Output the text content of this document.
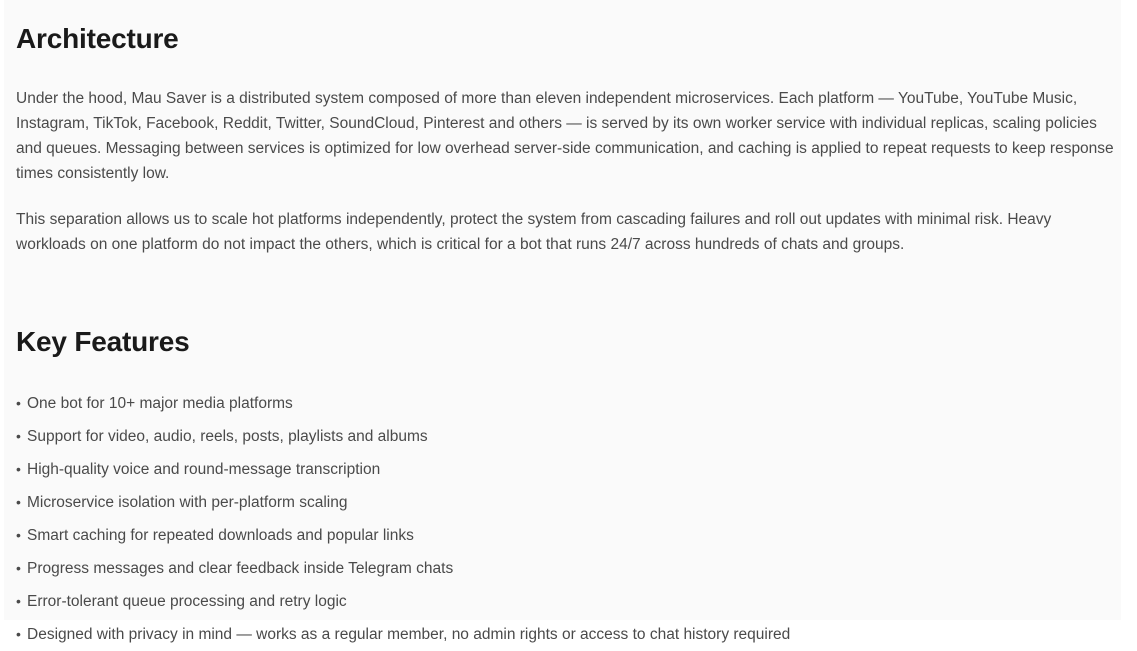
Architecture

Under the hood, Mau Saver is a distributed system composed of more than eleven independent microservices. Each platform — YouTube, YouTube Music, Instagram, TikTok, Facebook, Reddit, Twitter, SoundCloud, Pinterest and others — is served by its own worker service with individual replicas, scaling policies and queues. Messaging between services is optimized for low overhead server-side communication, and caching is applied to repeat requests to keep response times consistently low.

This separation allows us to scale hot platforms independently, protect the system from cascading failures and roll out updates with minimal risk. Heavy workloads on one platform do not impact the others, which is critical for a bot that runs 24/7 across hundreds of chats and groups.

Key Features
• One bot for 10+ major media platforms
• Support for video, audio, reels, posts, playlists and albums
• High-quality voice and round-message transcription
• Microservice isolation with per-platform scaling
• Smart caching for repeated downloads and popular links
• Progress messages and clear feedback inside Telegram chats
• Error-tolerant queue processing and retry logic
• Designed with privacy in mind — works as a regular member, no admin rights or access to chat history required
